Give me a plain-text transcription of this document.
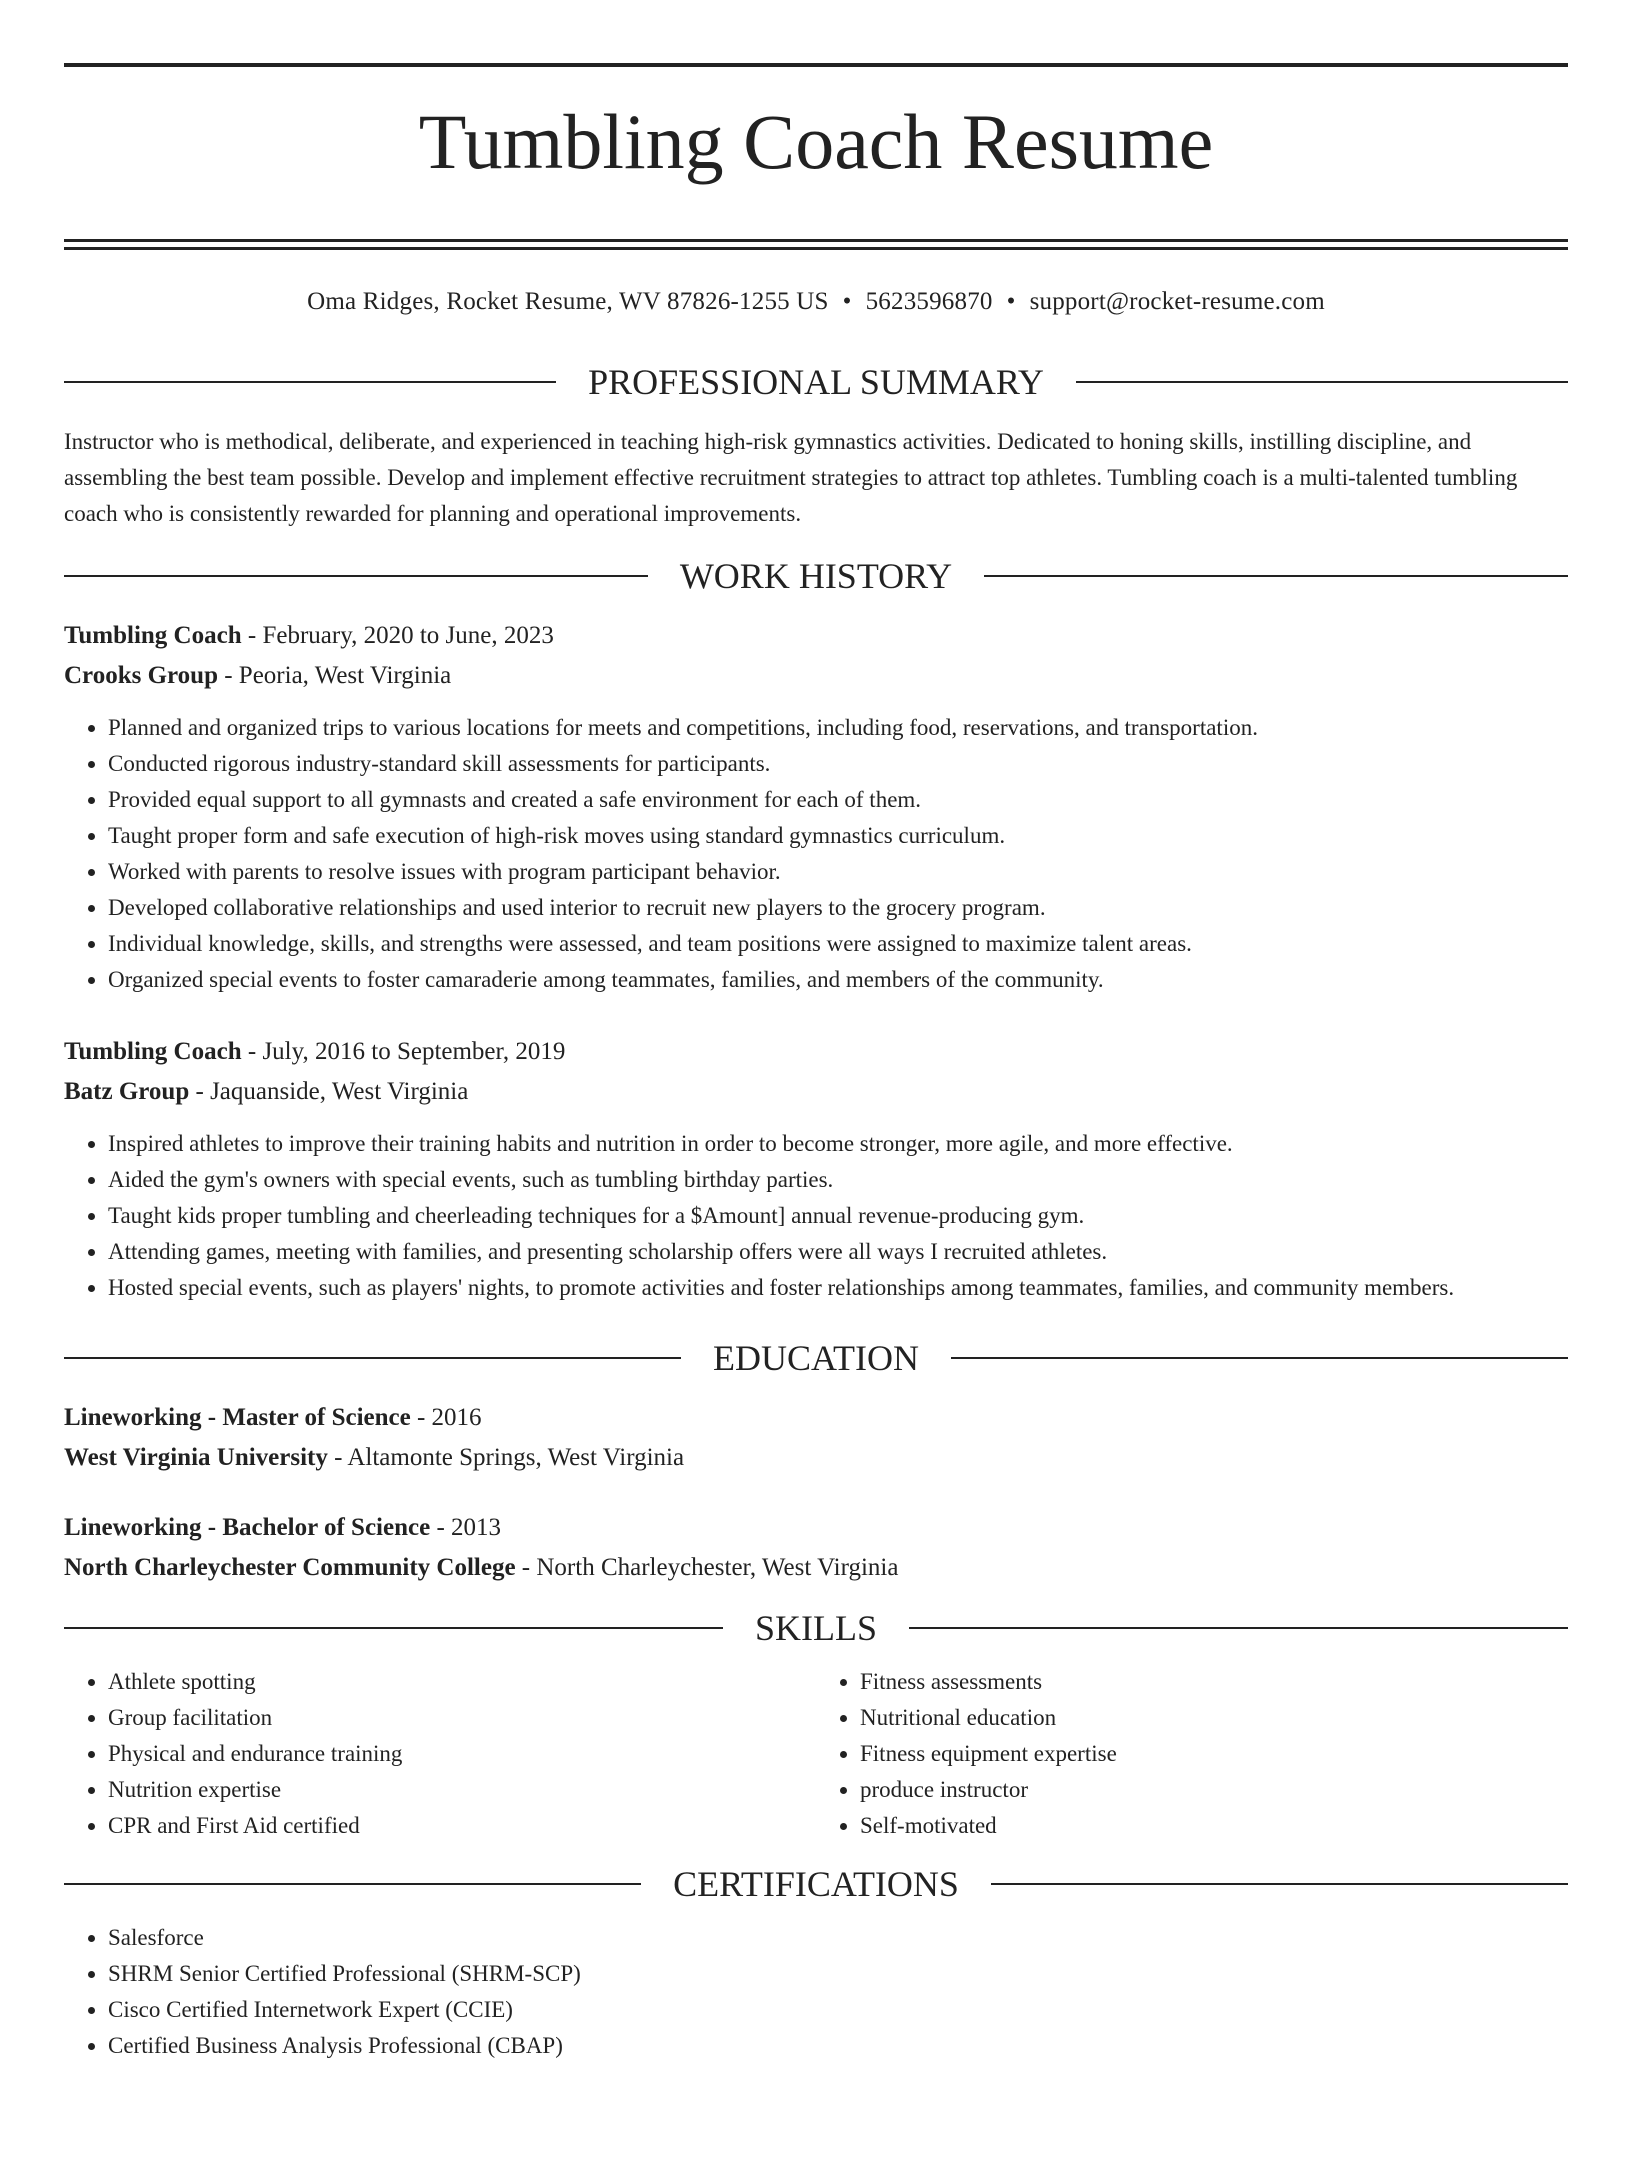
Tumbling Coach Resume
Oma Ridges, Rocket Resume, WV 87826-1255 US • 5623596870 • support@rocket-resume.com
PROFESSIONAL SUMMARY
Instructor who is methodical, deliberate, and experienced in teaching high-risk gymnastics activities. Dedicated to honing skills, instilling discipline, and assembling the best team possible. Develop and implement effective recruitment strategies to attract top athletes. Tumbling coach is a multi-talented tumbling coach who is consistently rewarded for planning and operational improvements.
WORK HISTORY
Tumbling Coach - February, 2020 to June, 2023
Crooks Group - Peoria, West Virginia
• Planned and organized trips to various locations for meets and competitions, including food, reservations, and transportation.
• Conducted rigorous industry-standard skill assessments for participants.
• Provided equal support to all gymnasts and created a safe environment for each of them.
• Taught proper form and safe execution of high-risk moves using standard gymnastics curriculum.
• Worked with parents to resolve issues with program participant behavior.
• Developed collaborative relationships and used interior to recruit new players to the grocery program.
• Individual knowledge, skills, and strengths were assessed, and team positions were assigned to maximize talent areas.
• Organized special events to foster camaraderie among teammates, families, and members of the community.
Tumbling Coach - July, 2016 to September, 2019
Batz Group - Jaquanside, West Virginia
• Inspired athletes to improve their training habits and nutrition in order to become stronger, more agile, and more effective.
• Aided the gym's owners with special events, such as tumbling birthday parties.
• Taught kids proper tumbling and cheerleading techniques for a $Amount] annual revenue-producing gym.
• Attending games, meeting with families, and presenting scholarship offers were all ways I recruited athletes.
• Hosted special events, such as players' nights, to promote activities and foster relationships among teammates, families, and community members.
EDUCATION
Lineworking - Master of Science - 2016
West Virginia University - Altamonte Springs, West Virginia
Lineworking - Bachelor of Science - 2013
North Charleychester Community College - North Charleychester, West Virginia
SKILLS
• Athlete spotting
• Group facilitation
• Physical and endurance training
• Nutrition expertise
• CPR and First Aid certified
• Fitness assessments
• Nutritional education
• Fitness equipment expertise
• produce instructor
• Self-motivated
CERTIFICATIONS
• Salesforce
• SHRM Senior Certified Professional (SHRM-SCP)
• Cisco Certified Internetwork Expert (CCIE)
• Certified Business Analysis Professional (CBAP)
